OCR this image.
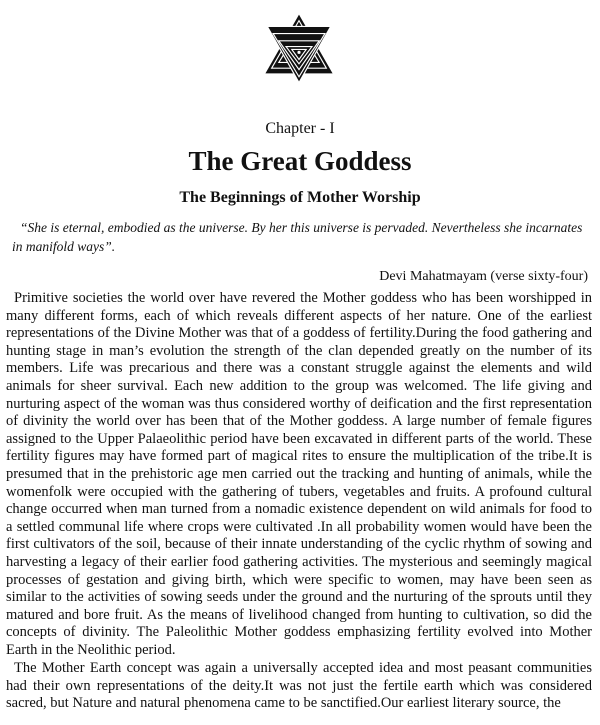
Chapter - I
The Great Goddess
The Beginnings of Mother Worship
“She is eternal, embodied as the universe. By her this universe is pervaded. Nevertheless she incarnates in manifold ways”.
Devi Mahatmayam (verse sixty-four)

Primitive societies the world over have revered the Mother goddess who has been worshipped in many different forms, each of which reveals different aspects of her nature. One of the earliest representations of the Divine Mother was that of a goddess of fertility.During the food gathering and hunting stage in man’s evolution the strength of the clan depended greatly on the number of its members. Life was precarious and there was a constant struggle against the elements and wild animals for sheer survival. Each new addition to the group was welcomed. The life giving and nurturing aspect of the woman was thus considered worthy of deification and the first representation of divinity the world over has been that of the Mother goddess. A large number of female figures assigned to the Upper Palaeolithic period have been excavated in different parts of the world. These fertility figures may have formed part of magical rites to ensure the multiplication of the tribe.It is presumed that in the prehistoric age men carried out the tracking and hunting of animals, while the womenfolk were occupied with the gathering of tubers, vegetables and fruits. A profound cultural change occurred when man turned from a nomadic existence dependent on wild animals for food to a settled communal life where crops were cultivated .In all probability women would have been the first cultivators of the soil, because of their innate understanding of the cyclic rhythm of sowing and harvesting a legacy of their earlier food gathering activities. The mysterious and seemingly magical processes of gestation and giving birth, which were specific to women, may have been seen as similar to the activities of sowing seeds under the ground and the nurturing of the sprouts until they matured and bore fruit. As the means of livelihood changed from hunting to cultivation, so did the concepts of divinity. The Paleolithic Mother goddess emphasizing fertility evolved into Mother Earth in the Neolithic period.

The Mother Earth concept was again a universally accepted idea and most peasant communities had their own representations of the deity.It was not just the fertile earth which was considered sacred, but Nature and natural phenomena came to be sanctified.Our earliest literary source, the
